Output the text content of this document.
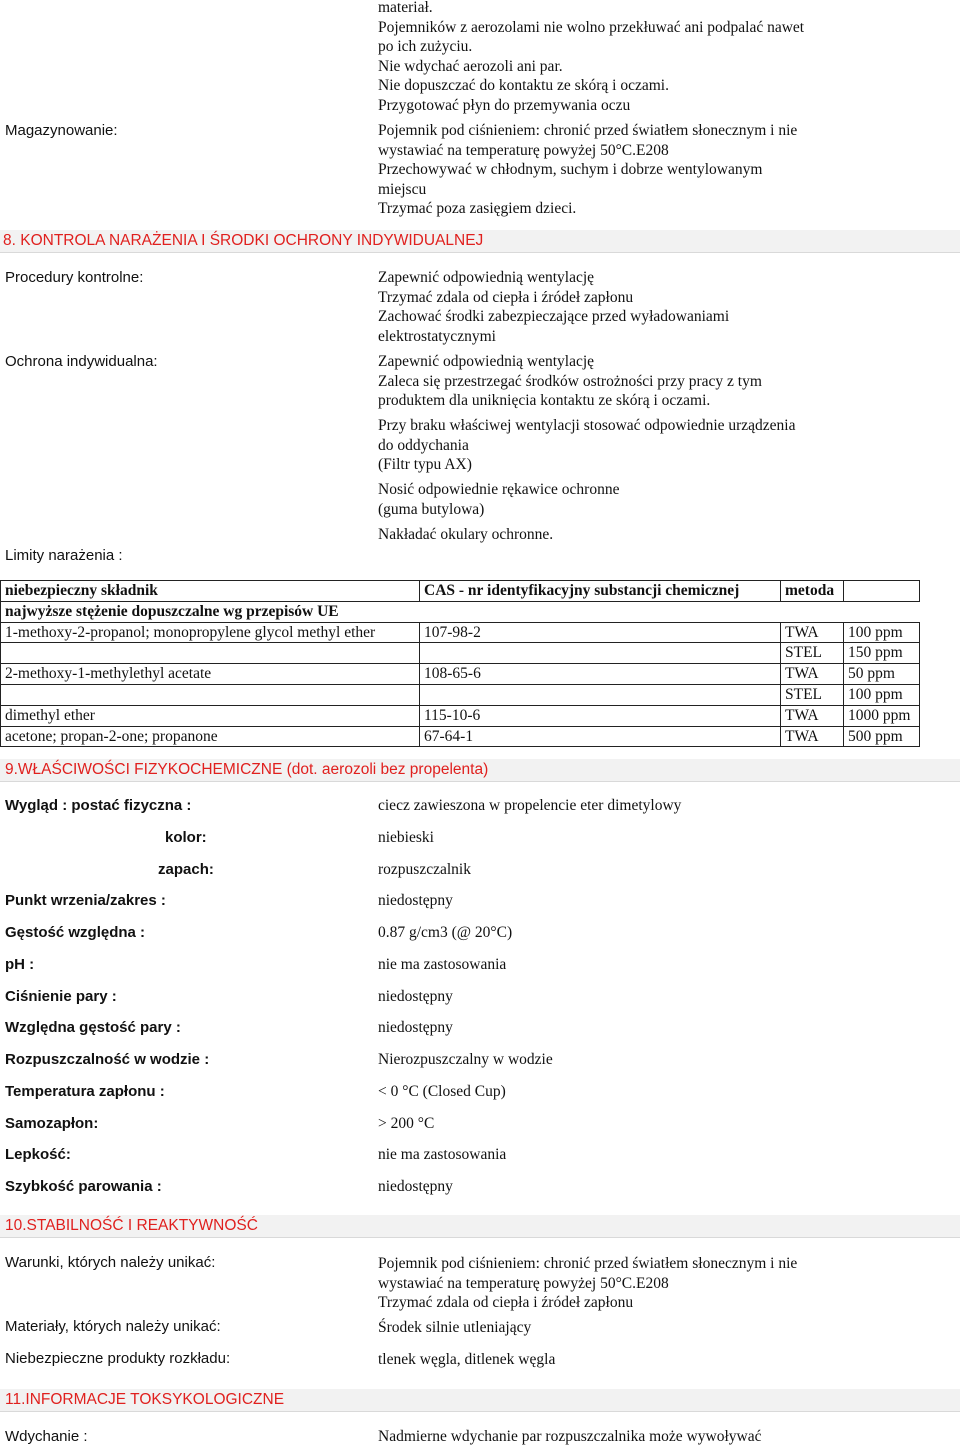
materiał.
Pojemników z aerozolami nie wolno przekłuwać ani podpalać nawet
po ich zużyciu.
Nie wdychać aerozoli ani par.
Nie dopuszczać do kontaktu ze skórą i oczami.
Przygotować płyn do przemywania oczu
Magazynowanie:	Pojemnik pod ciśnieniem: chronić przed światłem słonecznym i nie
wystawiać na temperaturę powyżej 50°C.E208
Przechowywać w chłodnym, suchym i dobrze wentylowanym
miejscu
Trzymać poza zasięgiem dzieci.
8. KONTROLA NARAŻENIA I ŚRODKI OCHRONY INDYWIDUALNEJ
Procedury kontrolne:	Zapewnić odpowiednią wentylację
Trzymać zdala od ciepła i źródeł zapłonu
Zachować środki zabezpieczające przed wyładowaniami
elektrostatycznymi
Ochrona indywidualna:	Zapewnić odpowiednią wentylację
Zaleca się przestrzegać środków ostrożności przy pracy z tym
produktem dla uniknięcia kontaktu ze skórą i oczami.
Przy braku właściwej wentylacji stosować odpowiednie urządzenia
do oddychania
(Filtr typu AX)
Nosić odpowiednie rękawice ochronne
(guma butylowa)
Nakładać okulary ochronne.
Limity narażenia :
niebezpieczny składnik	CAS - nr identyfikacyjny substancji chemicznej	metoda	
najwyższe stężenie dopuszczalne wg przepisów UE			
1-methoxy-2-propanol; monopropylene glycol methyl ether	107-98-2	TWA	100 ppm
		STEL	150 ppm
2-methoxy-1-methylethyl acetate	108-65-6	TWA	50 ppm
		STEL	100 ppm
dimethyl ether	115-10-6	TWA	1000 ppm
acetone; propan-2-one; propanone	67-64-1	TWA	500 ppm
9.WŁAŚCIWOŚCI FIZYKOCHEMICZNE (dot. aerozoli bez propelenta)
Wygląd : postać fizyczna :	ciecz zawieszona w propelencie eter dimetylowy
kolor:	niebieski
zapach:	rozpuszczalnik
Punkt wrzenia/zakres :	niedostępny
Gęstość względna :	0.87 g/cm3 (@ 20°C)
pH :	nie ma zastosowania
Ciśnienie pary :	niedostępny
Względna gęstość pary :	niedostępny
Rozpuszczalność w wodzie :	Nierozpuszczalny w wodzie
Temperatura zapłonu :	< 0 °C (Closed Cup)
Samozapłon:	> 200 °C
Lepkość:	nie ma zastosowania
Szybkość parowania :	niedostępny
10.STABILNOŚĆ I REAKTYWNOŚĆ
Warunki, których należy unikać:	Pojemnik pod ciśnieniem: chronić przed światłem słonecznym i nie
wystawiać na temperaturę powyżej 50°C.E208
Trzymać zdala od ciepła i źródeł zapłonu
Materiały, których należy unikać:	Środek silnie utleniający
Niebezpieczne produkty rozkładu:	tlenek węgla, ditlenek węgla
11.INFORMACJE TOKSYKOLOGICZNE
Wdychanie :	Nadmierne wdychanie par rozpuszczalnika może wywoływać
